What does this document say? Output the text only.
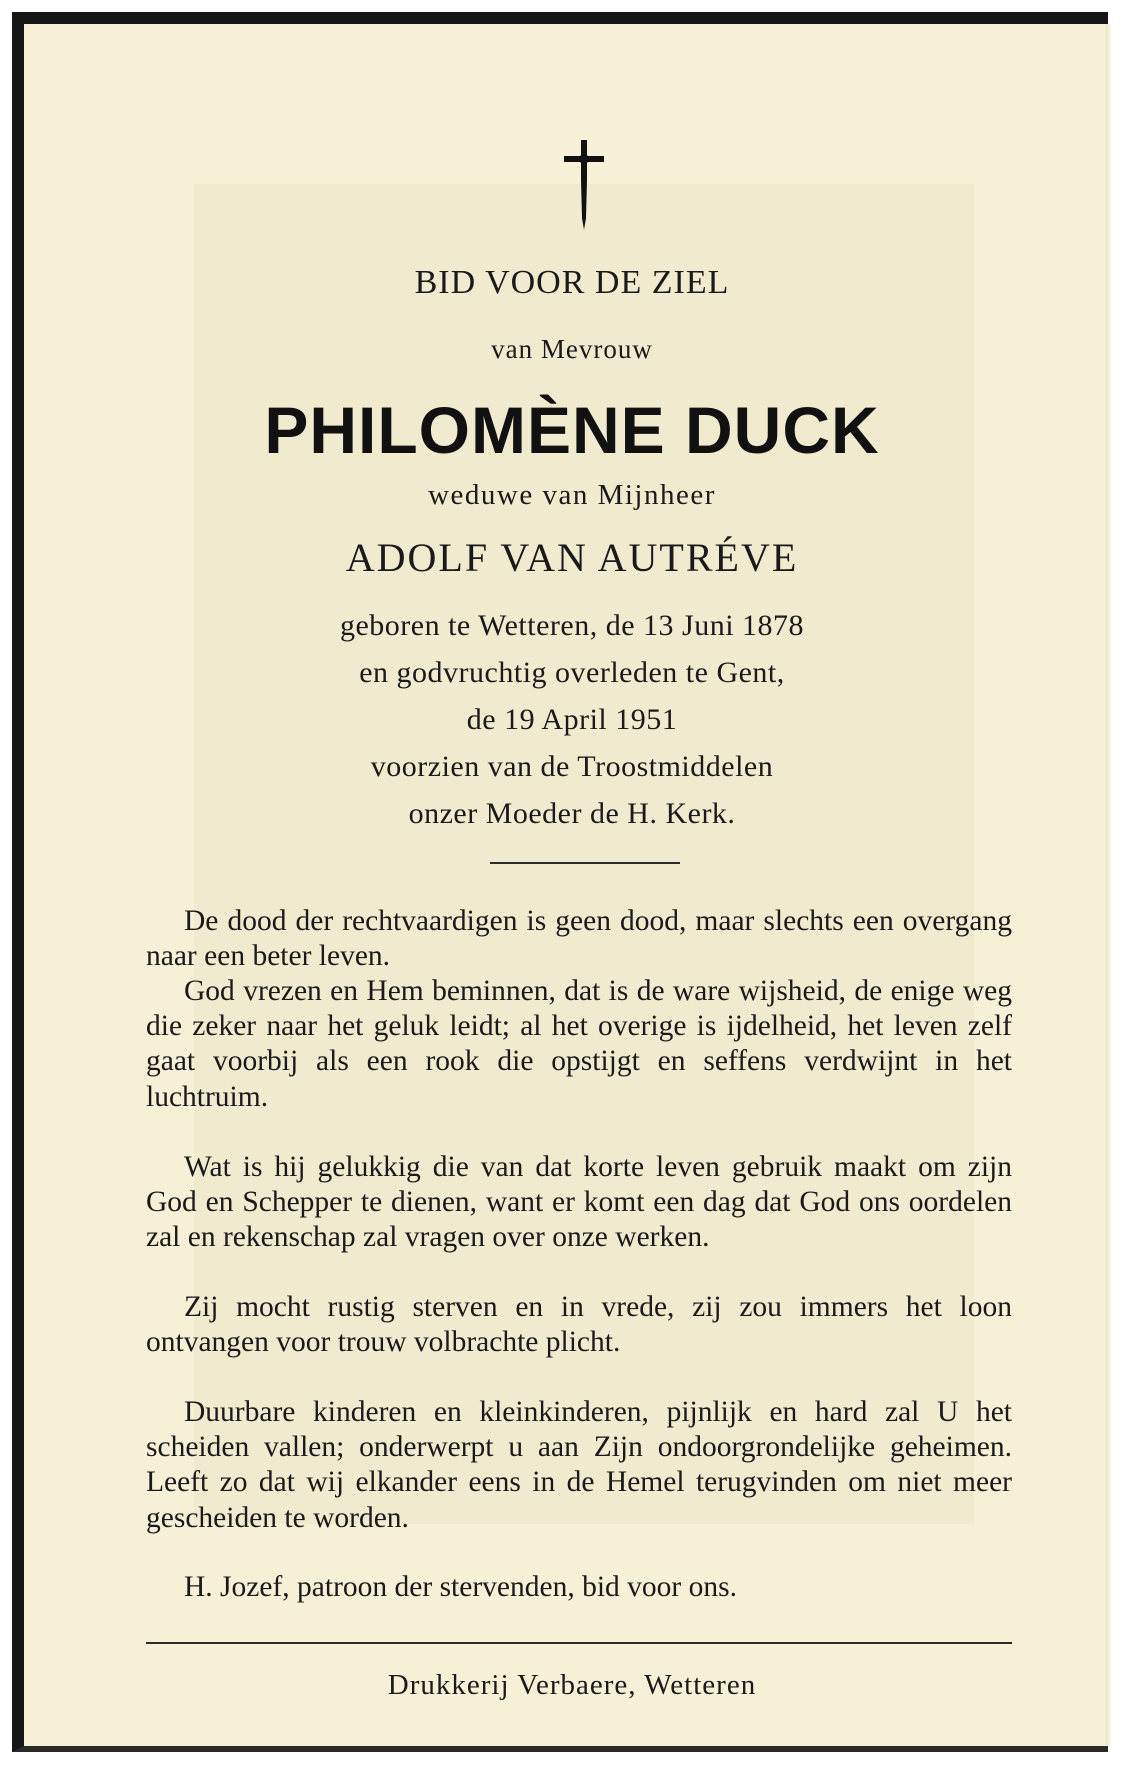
BID VOOR DE ZIEL
van Mevrouw
PHILOMÈNE DUCK
weduwe van Mijnheer
ADOLF VAN AUTRÉVE
geboren te Wetteren, de 13 Juni 1878
en godvruchtig overleden te Gent,
de 19 April 1951
voorzien van de Troostmiddelen
onzer Moeder de H. Kerk.
De dood der rechtvaardigen is geen dood, maar slechts een overgang naar een beter leven.
God vrezen en Hem beminnen, dat is de ware wijsheid, de enige weg die zeker naar het geluk leidt; al het overige is ijdelheid, het leven zelf gaat voorbij als een rook die opstijgt en seffens verdwijnt in het luchtruim.
Wat is hij gelukkig die van dat korte leven gebruik maakt om zijn God en Schepper te dienen, want er komt een dag dat God ons oordelen zal en rekenschap zal vragen over onze werken.
Zij mocht rustig sterven en in vrede, zij zou immers het loon ontvangen voor trouw volbrachte plicht.
Duurbare kinderen en kleinkinderen, pijnlijk en hard zal U het scheiden vallen; onderwerpt u aan Zijn ondoorgrondelijke geheimen. Leeft zo dat wij elkander eens in de Hemel terugvinden om niet meer gescheiden te worden.
H. Jozef, patroon der stervenden, bid voor ons.
Drukkerij Verbaere, Wetteren
